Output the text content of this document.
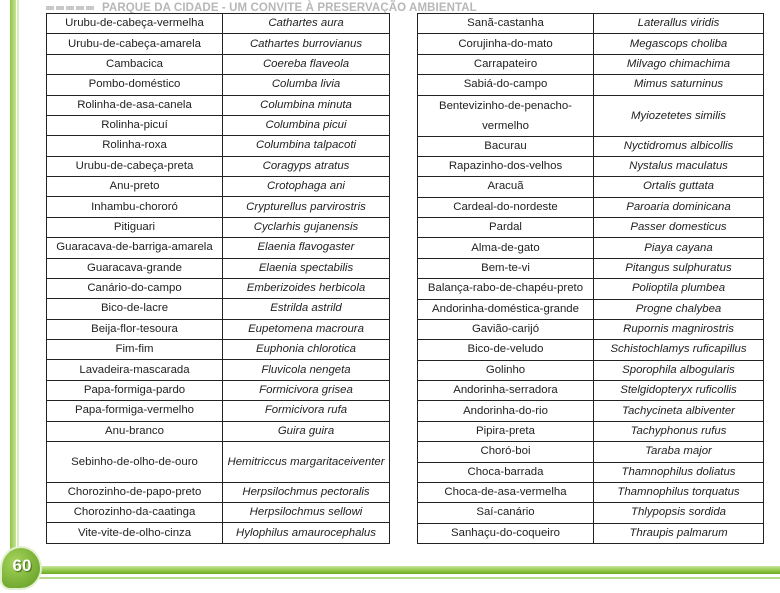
PARQUE DA CIDADE - UM CONVITE À PRESERVAÇÃO AMBIENTAL
Urubu-de-cabeça-vermelha	Cathartes aura
Urubu-de-cabeça-amarela	Cathartes burrovianus
Cambacica	Coereba flaveola
Pombo-doméstico	Columba livia
Rolinha-de-asa-canela	Columbina minuta
Rolinha-picuí	Columbina picui
Rolinha-roxa	Columbina talpacoti
Urubu-de-cabeça-preta	Coragyps atratus
Anu-preto	Crotophaga ani
Inhambu-chororó	Crypturellus parvirostris
Pitiguari	Cyclarhis gujanensis
Guaracava-de-barriga-amarela	Elaenia flavogaster
Guaracava-grande	Elaenia spectabilis
Canário-do-campo	Emberizoides herbicola
Bico-de-lacre	Estrilda astrild
Beija-flor-tesoura	Eupetomena macroura
Fim-fim	Euphonia chlorotica
Lavadeira-mascarada	Fluvicola nengeta
Papa-formiga-pardo	Formicivora grisea
Papa-formiga-vermelho	Formicivora rufa
Anu-branco	Guira guira
Sebinho-de-olho-de-ouro	Hemitriccus margaritaceiventer
Chorozinho-de-papo-preto	Herpsilochmus pectoralis
Chorozinho-da-caatinga	Herpsilochmus sellowi
Vite-vite-de-olho-cinza	Hylophilus amaurocephalus
Sanã-castanha	Laterallus viridis
Corujinha-do-mato	Megascops choliba
Carrapateiro	Milvago chimachima
Sabiá-do-campo	Mimus saturninus
Bentevizinho-de-penacho-vermelho	Myiozetetes similis
Bacurau	Nyctidromus albicollis
Rapazinho-dos-velhos	Nystalus maculatus
Aracuã	Ortalis guttata
Cardeal-do-nordeste	Paroaria dominicana
Pardal	Passer domesticus
Alma-de-gato	Piaya cayana
Bem-te-vi	Pitangus sulphuratus
Balança-rabo-de-chapéu-preto	Polioptila plumbea
Andorinha-doméstica-grande	Progne chalybea
Gavião-carijó	Rupornis magnirostris
Bico-de-veludo	Schistochlamys ruficapillus
Golinho	Sporophila albogularis
Andorinha-serradora	Stelgidopteryx ruficollis
Andorinha-do-rio	Tachycineta albiventer
Pipira-preta	Tachyphonus rufus
Choró-boi	Taraba major
Choca-barrada	Thamnophilus doliatus
Choca-de-asa-vermelha	Thamnophilus torquatus
Saí-canário	Thlypopsis sordida
Sanhaçu-do-coqueiro	Thraupis palmarum
60
